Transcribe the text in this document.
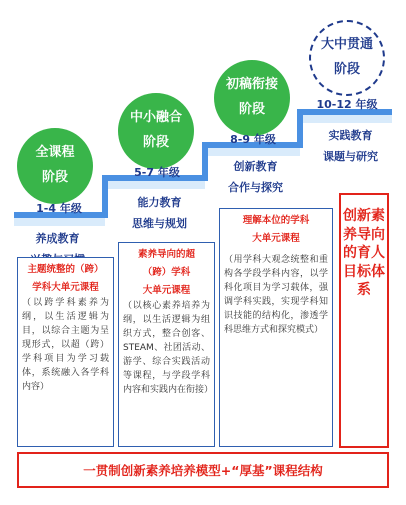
全课程
阶段
中小融合
阶段
初稿衔接
阶段
大中贯通
阶段
1-4 年级
5-7 年级
8-9 年级
10-12 年级
养成教育
能力教育
思维与规划
创新教育
合作与探究
实践教育
课题与研究
主题统整的（跨）
学科大单元课程
（以跨学科素养为纲，以生活逻辑为目，以综合主题为呈现形式，以超（跨）学科项目为学习载体，系统融入各学科内容）
素养导向的超
（跨）学科
大单元课程
（以核心素养培养为纲，以生活逻辑为组织方式，整合创客、STEAM、社团活动、游学、综合实践活动等课程，与学段学科内容和实践内在衔接）
理解本位的学科
大单元课程
（用学科大观念统整和重构各学段学科内容，以学科化项目为学习载体，强调学科实践，实现学科知识技能的结构化，渗透学科思维方式和探究模式）
创新素养导向的育人目标体系
一贯制创新素养培养模型+“厚基”课程结构
